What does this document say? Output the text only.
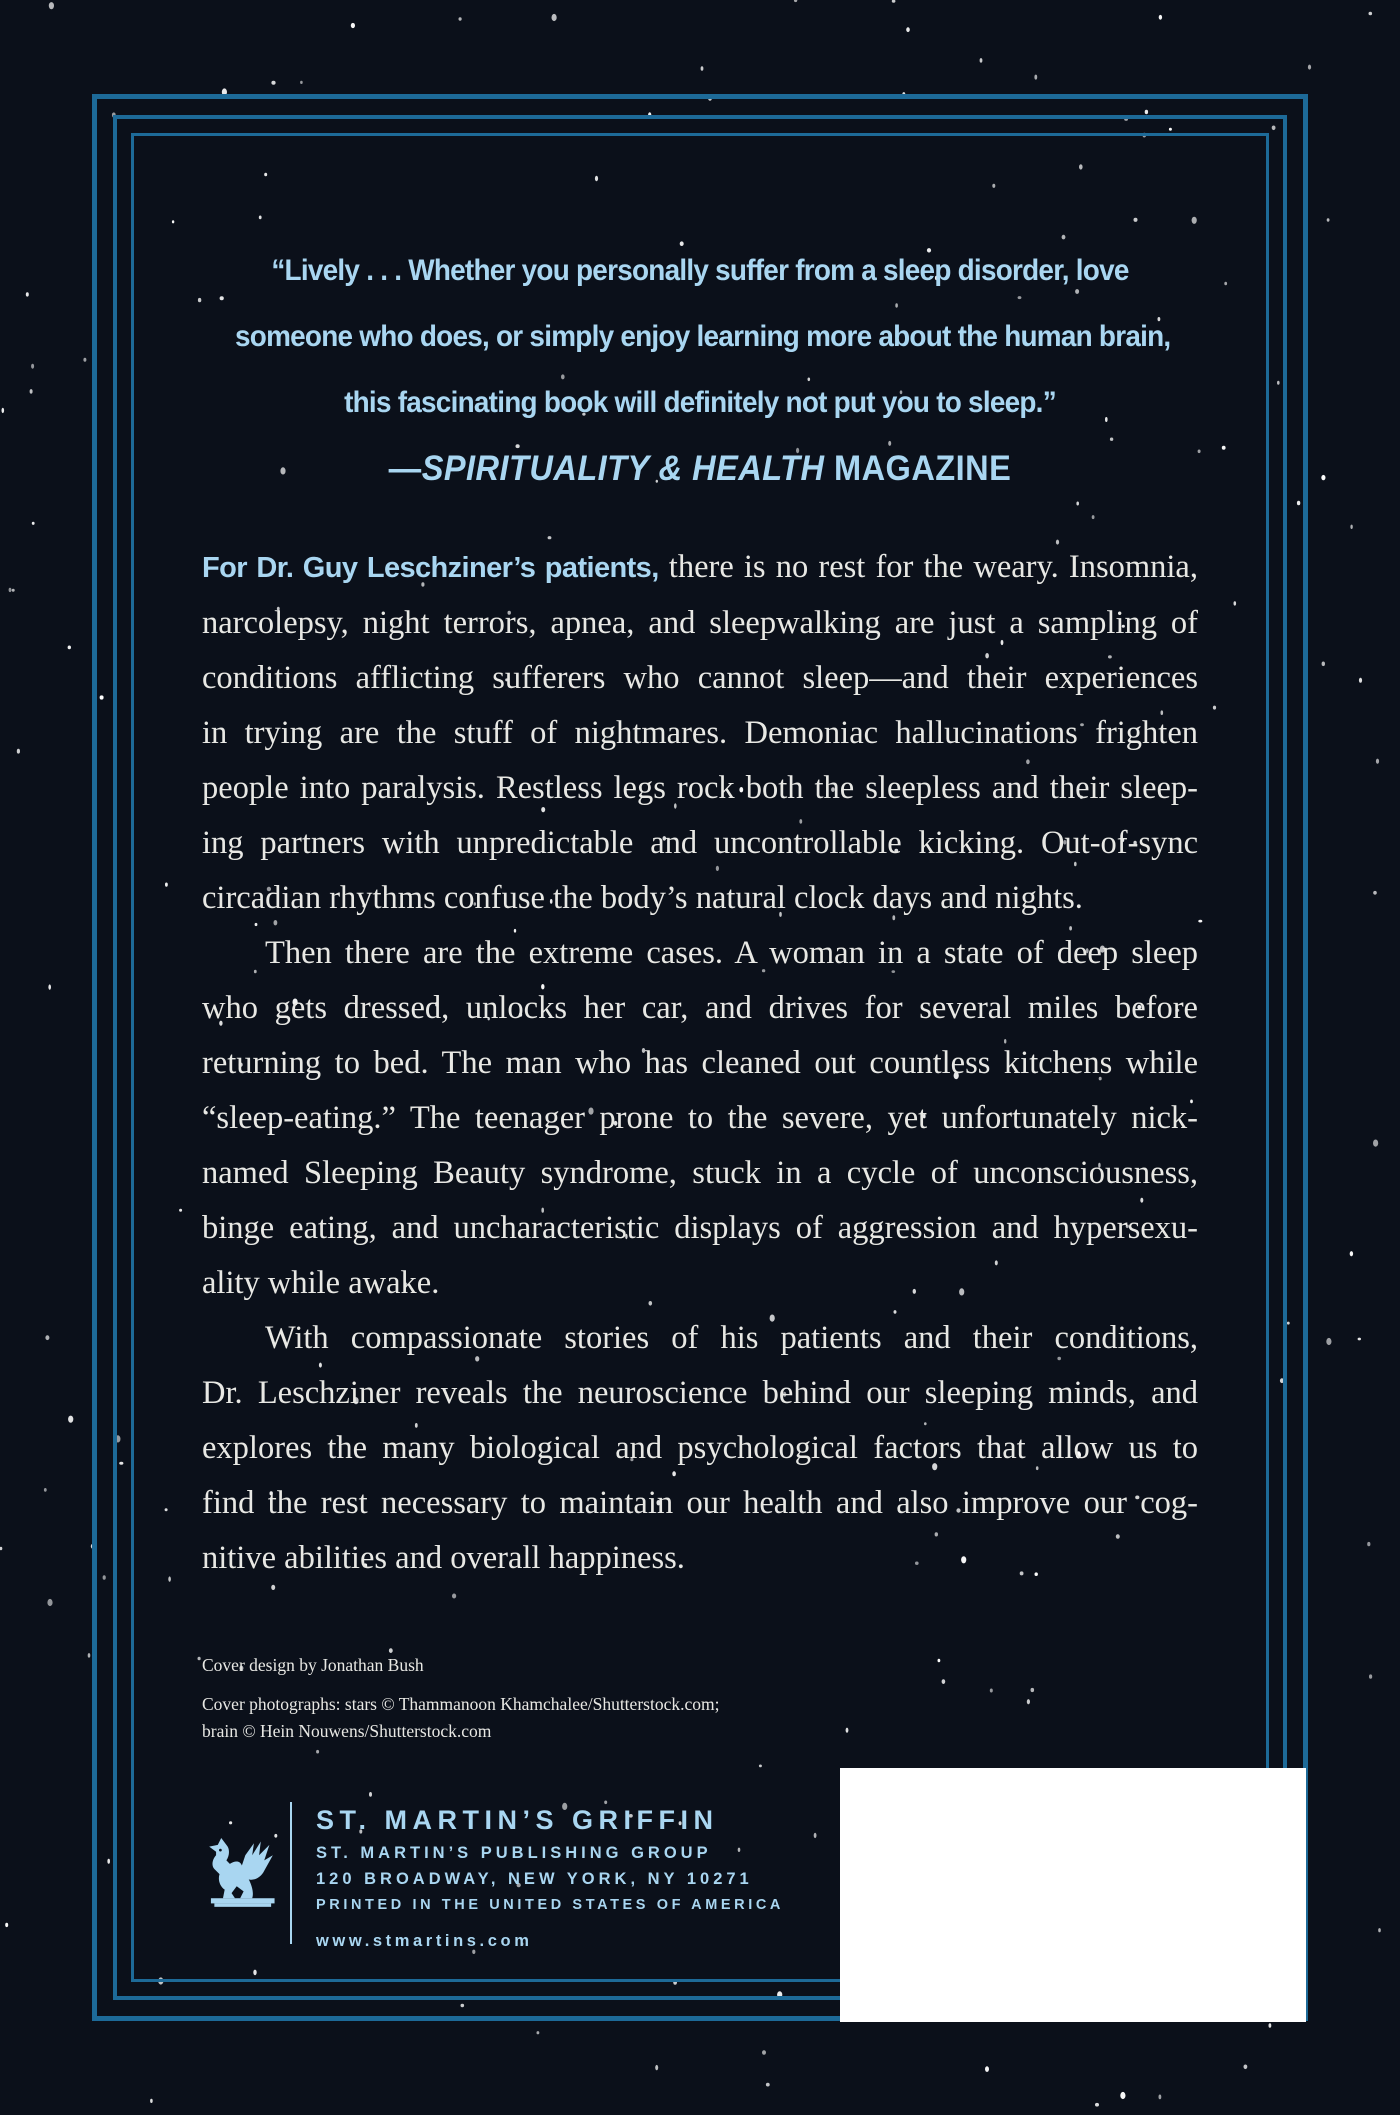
“Lively . . . Whether you personally suffer from a sleep disorder, love
someone who does, or simply enjoy learning more about the human brain,
this fascinating book will definitely not put you to sleep.”
—SPIRITUALITY & HEALTH MAGAZINE

For Dr. Guy Leschziner’s patients, there is no rest for the weary. Insomnia,
narcolepsy, night terrors, apnea, and sleepwalking are just a sampling of
conditions afflicting sufferers who cannot sleep—and their experiences
in trying are the stuff of nightmares. Demoniac hallucinations frighten
people into paralysis. Restless legs rock both the sleepless and their sleep-
ing partners with unpredictable and uncontrollable kicking. Out-of-sync
circadian rhythms confuse the body’s natural clock days and nights.

Then there are the extreme cases. A woman in a state of deep sleep
who gets dressed, unlocks her car, and drives for several miles before
returning to bed. The man who has cleaned out countless kitchens while
“sleep-eating.” The teenager prone to the severe, yet unfortunately nick-
named Sleeping Beauty syndrome, stuck in a cycle of unconsciousness,
binge eating, and uncharacteristic displays of aggression and hypersexu-
ality while awake.

With compassionate stories of his patients and their conditions,
Dr. Leschziner reveals the neuroscience behind our sleeping minds, and
explores the many biological and psychological factors that allow us to
find the rest necessary to maintain our health and also improve our cog-
nitive abilities and overall happiness.

Cover design by Jonathan Bush
Cover photographs: stars © Thammanoon Khamchalee/Shutterstock.com;
brain © Hein Nouwens/Shutterstock.com
ST. MARTIN’S GRIFFIN
ST. MARTIN’S PUBLISHING GROUP
120 BROADWAY, NEW YORK, NY 10271
PRINTED IN THE UNITED STATES OF AMERICA
www.stmartins.com
